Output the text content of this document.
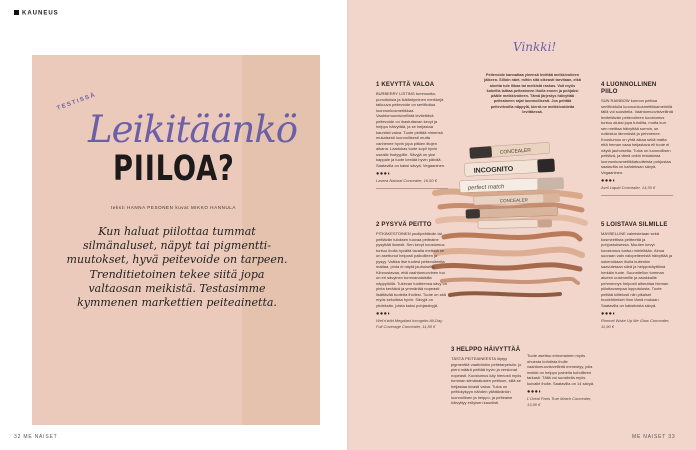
KAUNEUS
TESTISSÄ
Leikitäänkö
PIILOA?
teksti HANNA PESONEN kuvat MIKKO HANNULA
Kun haluat piilottaa tummat silmänaluset, näpyt tai pigmentti-muutokset, hyvä peitevoide on tarpeen. Trenditietoinen tekee siitä jopa valtaosan meikistä. Testasimme kymmenen markettien peiteainetta.
32 ME NAISET
Vinkki!
Peitevoide kannattaa yleensä levittää meikkivoiteen jälkeen. Silloin näet, mihin sitä oikeasti tarvitaan, eikä ainetta tule liikaa tai meikistä raskas. Voit myös kokeilla laittaa peiteaineen ihoila ennen ja pohjaksi päälle meikkivoiteen. Tämä järjestys häivyttää peiteaineen rajat luonnollisesti. Jos peittää peiteviivoilla näppylä, kierrä ne meikkivoidetta levittäessä.
CONCEALER
INCOGNITO
perfect match
CONCEALER
1 KEVYTTÄ VALOA
BURBERRY LISTING tummuutta, punoituksia ja ikäläntyminen merkkejä taikuuva peitevoide on sertifioitua luonnonkosmetiikkaa. Vaahtomuovisivellintä levitettävä peitevoide on ihastuttavan kevyt ja helppo häivyttää, ja se heijastaa kauniisti valoa. Tuote peittää nimensä mukaisesti luonnollisesti mutta vanhenee hyvin jopa pitkien iltojen aikana. Laadukas tuote sopii hyvin usealle ihotyypille. Sävyjä on yksi kappale ja tuote kestää hyvin päivää. Saatavilla on kaksi sävyä. Vegaaninen.
●●●◐
Lavera Natural Concealer, 16,50 €
2 PYSYVÄ PEITTO
PITKÄKESTOINEN puolipeittävän tai peittävän tuloksen tuovaa peiteaine pysyttää ilosesti. Sen kevyt koostumus tuntuu iholla hyvältä tavalla meikkiä se on asettunut helposti paikoilleen ja pysyy. Valkka itse tuotesi peitevoiteella mattaa, pinta ei näytä jauhoiselta. Kiinnostavaa, että vaahtomuovinen tuo on eri sävyinen tummanalaisilla näppylöillä. Tukevan tuotteensa sävy on pinta keräävä ja ymmärtää nopeasti lisättävää tuotetta ihollesi. Tuote on sitä myös sekoittaa hyvin. Sävyjä on yhdeksän, joista kaksi pohjasävyjä.
●●●◐
Wet'n'wild Megalast Incognito All-Day Full Coverage Concealer, 11,80 €
3 HELPPO HÄIVYTTÄÄ
TÄSTÄ PEITEAINEESTA löytyy pigmenttiä vaativiinkin peitetarpeisiin: jo pieni määrä peittää hyvin ja versionat nopeasti. Koostumus käy hienosti myös tumman silmänalusten peittoon, sillä se heijastaa kivasti valoa. Tulos on peittokykyyn nähden yllättävänkin luonnollinen ja helppo, ja peiteaine häivyttyy erityisen kauniisti.
Tuote asettuu erinomainen myös ohuesta kohdista iholle vaahtomuovisivellintä menestyy, jolla meikki on helppo painella kohdilleen tarkasti. Tällä voi suositella myös kuivalle iholle. Saatavilla on 14 sävyä.
●●●◐
L'Oréal Paris True Match Concealer, 13,90 €
4 LUONNOLLINEN PIILO
SUN RAINBOW kunnon peittoa sertifioidulla luonnonkosmetiikkamerkillä tällä voi suositella. Vaahtomuovisivellintä levitettävän peitevoiteen koostumus tuntuu aluksi jopa tuhdilta, mutta kun sen meittaa häivyttää sormin, se notkistuu lämmöstä ja pehmenee. Koostumus on yhtä aikaa sekä matta että heman vaaa heijastava eli tuote ei näytä jauhoiselta. Tulos on luonnollisen peittävä, ja tämä onkin testatuista luonnonkosmetiikkatuotteista pohjustaa saatavilla on kahdeksan sävyä. Vegaaninen.
●●●◐
Avril Liquid Concealer, 14,30 €
5 LOISTAVA SILMILLE
MAYBELLINE valmistetaan sekä kosmeettista peitteettä ja pohjustuksessa. Muuten kevyt koostumus tuntuu mieleltään. Ainoa suoraan vain valopeitemistä häivyttää ja sokeroidaan iholla kuitenkin saavutetaan sileä ja helppokäyttöisä herkäin tuote. Suunnitellun tumman alueen uusimmille ja asiakkaille pehmennys helposti aiheuttaa hieman piilottavampaa lopputulosta. Tuote peittää kiiltelosti niin pikaiset huolehtimiset ihon tämä mukaan. Saatavilla on kaksitoista sävyä.
●●●◐
Rimmel Wake Up Me Glow Concealer, 11,90 €
ME NAISET 33
